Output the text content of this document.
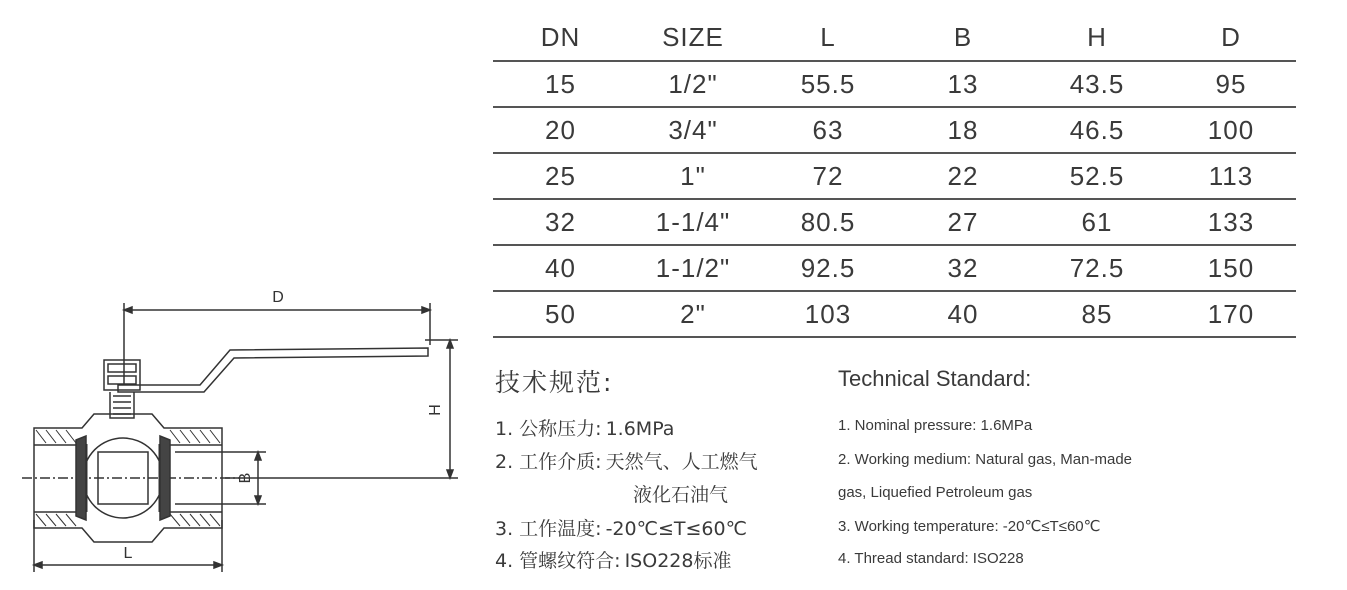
D
H
B
L
DN	SIZE	L	B	H	D
15	1/2"	55.5	13	43.5	95
20	3/4"	63	18	46.5	100
25	1"	72	22	52.5	113
32	1-1/4"	80.5	27	61	133
40	1-1/2"	92.5	32	72.5	150
50	2"	103	40	85	170
技术规范:
1. 公称压力: 1.6MPa
2. 工作介质: 天然气、人工燃气
液化石油气
3. 工作温度: -20℃≤T≤60℃
4. 管螺纹符合: ISO228标准
Technical Standard:
1. Nominal pressure: 1.6MPa
2. Working medium: Natural gas, Man-made
gas, Liquefied Petroleum gas
3. Working temperature: -20℃≤T≤60℃
4. Thread standard: ISO228
